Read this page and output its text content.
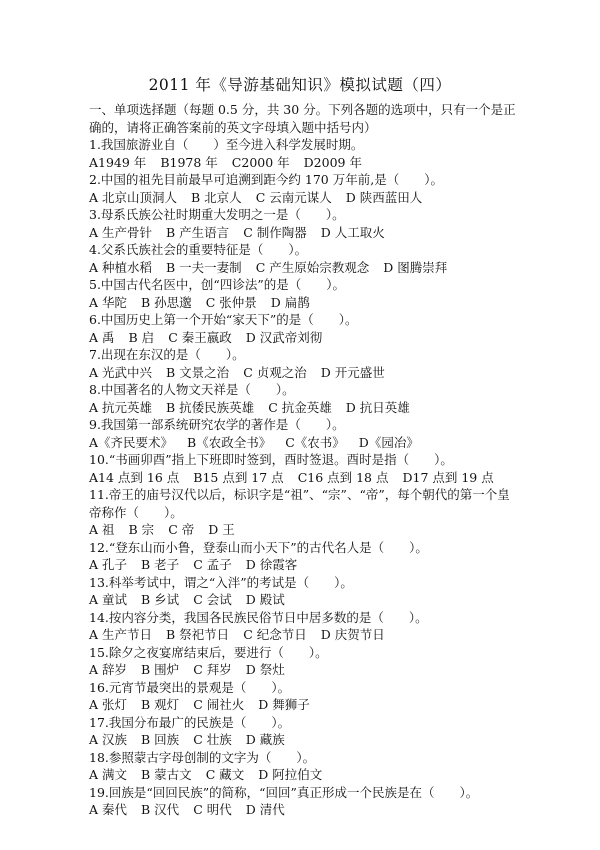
2011 年《导游基础知识》模拟试题（四）
一、单项选择题（每题 0.5 分，共 30 分。下列各题的选项中，只有一个是正确的，请将正确答案前的英文字母填入题中括号内）
1.我国旅游业自（　　）至今进入科学发展时期。
A1949 年 B1978 年 C2000 年 D2009 年
2.中国的祖先目前最早可追溯到距今约 170 万年前,是（　　）。
A 北京山顶洞人 B 北京人 C 云南元谋人 D 陕西蓝田人
3.母系氏族公社时期重大发明之一是（　　）。
A 生产骨针 B 产生语言 C 制作陶器 D 人工取火
4.父系氏族社会的重要特征是（　　）。
A 种植水稻 B 一夫一妻制 C 产生原始宗教观念 D 图腾崇拜
5.中国古代名医中，创“四诊法”的是（　　）。
A 华陀 B 孙思邈 C 张仲景 D 扁鹊
6.中国历史上第一个开始“家天下”的是（　　）。
A 禹 B 启 C 秦王嬴政 D 汉武帝刘彻
7.出现在东汉的是（　　）。
A 光武中兴 B 文景之治 C 贞观之治 D 开元盛世
8.中国著名的人物文天祥是（　　）。
A 抗元英雄 B 抗倭民族英雄 C 抗金英雄 D 抗日英雄
9.我国第一部系统研究农学的著作是（　　）。
A《齐民要术》 B《农政全书》 C《农书》 D《园冶》
10.“书画卯酉”指上下班即时签到，酉时签退。酉时是指（　　）。
A14 点到 16 点 B15 点到 17 点 C16 点到 18 点 D17 点到 19 点
11.帝王的庙号汉代以后，标识字是“祖”、“宗”、“帝”，每个朝代的第一个皇帝称作（　　）。
A 祖 B 宗 C 帝 D 王
12.“登东山而小鲁，登泰山而小天下”的古代名人是（　　）。
A 孔子 B 老子 C 孟子 D 徐霞客
13.科举考试中，谓之“入泮”的考试是（　　）。
A 童试 B 乡试 C 会试 D 殿试
14.按内容分类，我国各民族民俗节日中居多数的是（　　）。
A 生产节日 B 祭祀节日 C 纪念节日 D 庆贺节日
15.除夕之夜宴席结束后，要进行（　　）。
A 辞岁 B 围炉 C 拜岁 D 祭灶
16.元宵节最突出的景观是（　　）。
A 张灯 B 观灯 C 闹社火 D 舞狮子
17.我国分布最广的民族是（　　）。
A 汉族 B 回族 C 壮族 D 藏族
18.参照蒙古字母创制的文字为（　　）。
A 满文 B 蒙古文 C 藏文 D 阿拉伯文
19.回族是“回回民族”的简称，“回回”真正形成一个民族是在（　　）。
A 秦代 B 汉代 C 明代 D 清代
